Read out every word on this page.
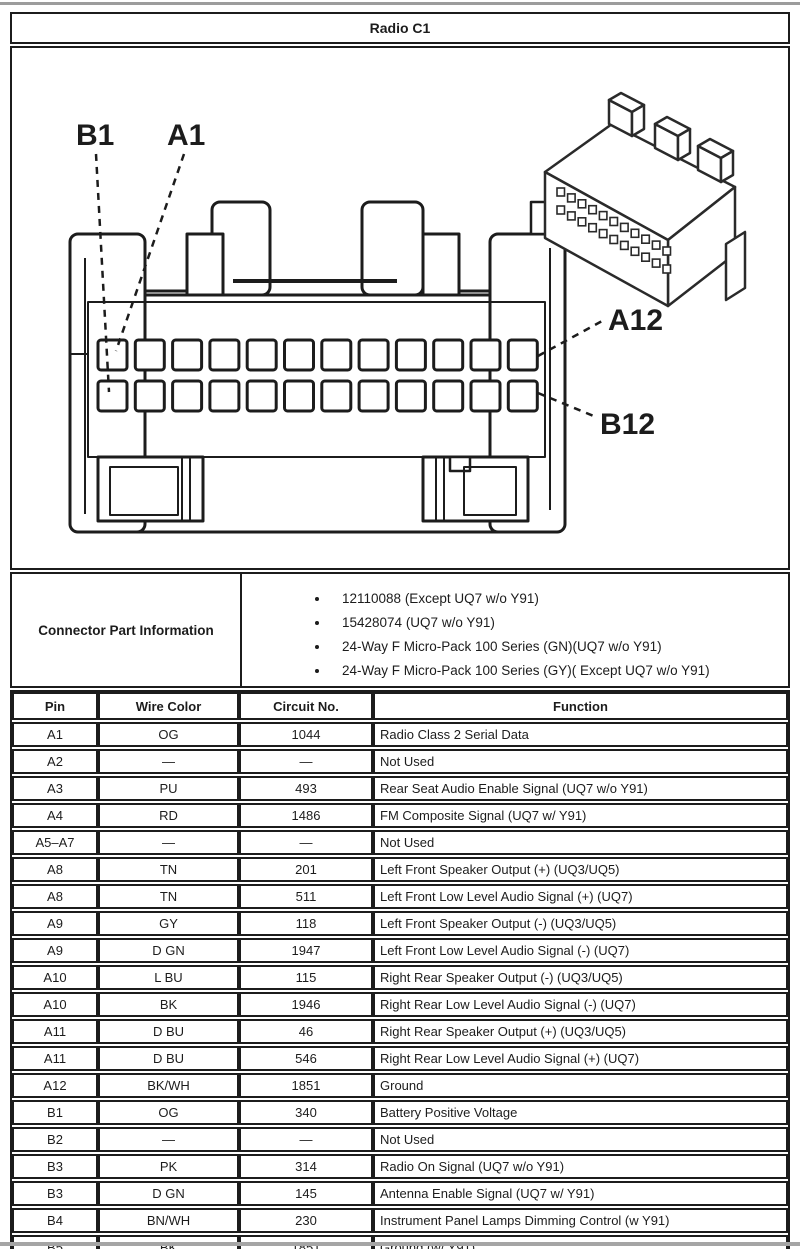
Radio C1
B1 A1
A12
B12
Connector Part Information
• 12110088 (Except UQ7 w/o Y91)
• 15428074 (UQ7 w/o Y91)
• 24-Way F Micro-Pack 100 Series (GN)(UQ7 w/o Y91)
• 24-Way F Micro-Pack 100 Series (GY)( Except UQ7 w/o Y91)
Pin	Wire Color	Circuit No.	Function
A1	OG	1044	Radio Class 2 Serial Data
A2	—	—	Not Used
A3	PU	493	Rear Seat Audio Enable Signal (UQ7 w/o Y91)
A4	RD	1486	FM Composite Signal (UQ7 w/ Y91)
A5–A7	—	—	Not Used
A8	TN	201	Left Front Speaker Output (+) (UQ3/UQ5)
A8	TN	511	Left Front Low Level Audio Signal (+) (UQ7)
A9	GY	118	Left Front Speaker Output (-) (UQ3/UQ5)
A9	D GN	1947	Left Front Low Level Audio Signal (-) (UQ7)
A10	L BU	115	Right Rear Speaker Output (-) (UQ3/UQ5)
A10	BK	1946	Right Rear Low Level Audio Signal (-) (UQ7)
A11	D BU	46	Right Rear Speaker Output (+) (UQ3/UQ5)
A11	D BU	546	Right Rear Low Level Audio Signal (+) (UQ7)
A12	BK/WH	1851	Ground
B1	OG	340	Battery Positive Voltage
B2	—	—	Not Used
B3	PK	314	Radio On Signal (UQ7 w/o Y91)
B3	D GN	145	Antenna Enable Signal (UQ7 w/ Y91)
B4	BN/WH	230	Instrument Panel Lamps Dimming Control (w Y91)
